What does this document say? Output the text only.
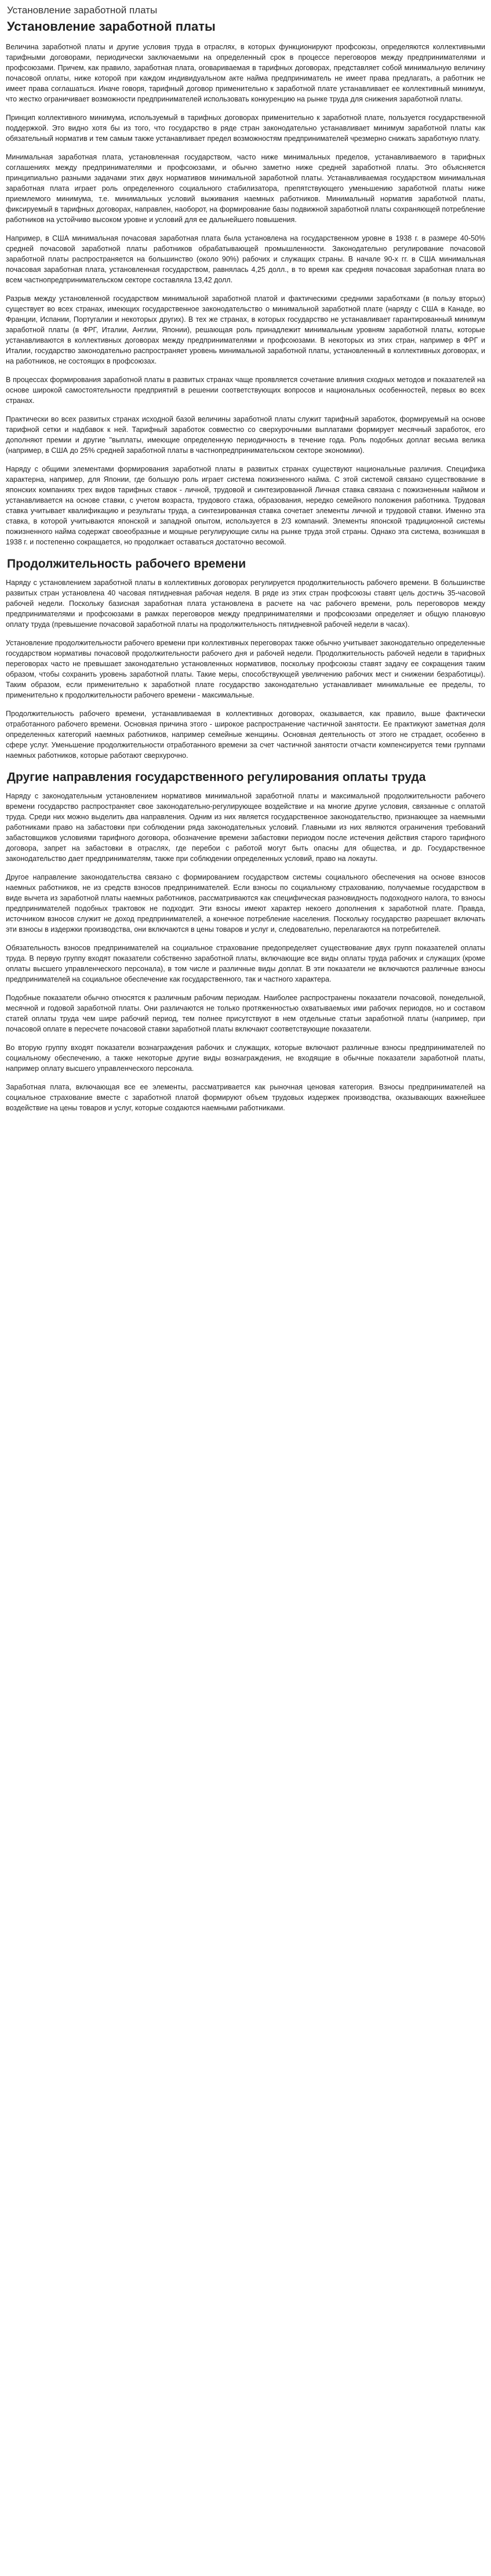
Установление заработной платы
Установление заработной платы

Величина заработной платы и другие условия труда в отраслях, в которых функционируют профсоюзы, определяются коллективными тарифными договорами, периодически заключаемыми на определенный срок в процессе переговоров между предпринимателями и профсоюзами. Причем, как правило, заработная плата, оговариваемая в тарифных договорах, представляет собой минимальную величину почасовой оплаты, ниже которой при каждом индивидуальном акте найма предприниматель не имеет права предлагать, а работник не имеет права соглашаться. Иначе говоря, тарифный договор применительно к заработной плате устанавливает ее коллективный минимум, что жестко ограничивает возможности предпринимателей использовать конкуренцию на рынке труда для снижения заработной платы.

Принцип коллективного минимума, используемый в тарифных договорах применительно к заработной плате, пользуется государственной поддержкой. Это видно хотя бы из того, что государство в ряде стран законодательно устанавливает минимум заработной платы как обязательный норматив и тем самым также устанавливает предел возможностям предпринимателей чрезмерно снижать заработную плату.

Минимальная заработная плата, установленная государством, часто ниже минимальных пределов, устанавливаемого в тарифных соглашениях между предпринимателями и профсоюзами, и обычно заметно ниже средней заработной платы. Это объясняется принципиально разными задачами этих двух нормативов минимальной заработной платы. Устанавливаемая государством минимальная заработная плата играет роль определенного социального стабилизатора, препятствующего уменьшению заработной платы ниже приемлемого минимума, т.е. минимальных условий выживания наемных работников. Минимальный норматив заработной платы, фиксируемый в тарифных договорах, направлен, наоборот, на формирование базы подвижной заработной платы сохраняющей потребление работников на устойчиво высоком уровне и условий для ее дальнейшего повышения.

Например, в США минимальная почасовая заработная плата была установлена на государственном уровне в 1938 г. в размере 40-50% средней почасовой заработной платы работников обрабатывающей промышленности. Законодательно регулирование почасовой заработной платы распространяется на большинство (около 90%) рабочих и служащих страны. В начале 90-х гг. в США минимальная почасовая заработная плата, установленная государством, равнялась 4,25 долл., в то время как средняя почасовая заработная плата во всем частнопредпринимательском секторе составляла 13,42 долл.

Разрыв между установленной государством минимальной заработной платой и фактическими средними заработками (в пользу вторых) существует во всех странах, имеющих государственное законодательство о минимальной заработной плате (наряду с США в Канаде, во Франции, Испании, Португалии и некоторых других). В тех же странах, в которых государство не устанавливает гарантированный минимум заработной платы (в ФРГ, Италии, Англии, Японии), решающая роль принадлежит минимальным уровням заработной платы, которые устанавливаются в коллективных договорах между предпринимателями и профсоюзами. В некоторых из этих стран, например в ФРГ и Италии, государство законодательно распространяет уровень минимальной заработной платы, установленный в коллективных договорах, и на работников, не состоящих в профсоюзах.

В процессах формирования заработной платы в развитых странах чаще проявляется сочетание влияния сходных методов и показателей на основе широкой самостоятельности предприятий в решении соответствующих вопросов и национальных особенностей, первых во всех странах.

Практически во всех развитых странах исходной базой величины заработной платы служит тарифный заработок, формируемый на основе тарифной сетки и надбавок к ней. Тарифный заработок совместно со сверхурочными выплатами формирует месячный заработок, его дополняют премии и другие "выплаты, имеющие определенную периодичность в течение года. Роль подобных доплат весьма велика (например, в США до 25% средней заработной платы в частнопредпринимательском секторе экономики).

Наряду с общими элементами формирования заработной платы в развитых странах существуют национальные различия. Специфика характерна, например, для Японии, где большую роль играет система пожизненного найма. С этой системой связано существование в японских компаниях трех видов тарифных ставок - личной, трудовой и синтезированной Личная ставка связана с пожизненным наймом и устанавливается на основе ставки, с учетом возраста, трудового стажа, образования, нередко семейного положения работника. Трудовая ставка учитывает квалификацию и результаты труда, а синтезированная ставка сочетает элементы личной и трудовой ставки. Именно эта ставка, в которой учитываются японской и западной опытом, используется в 2/3 компаний. Элементы японской традиционной системы пожизненного найма содержат своеобразные и мощные регулирующие силы на рынке труда этой страны. Однако эта система, возникшая в 1938 г. и постепенно сокращается, но продолжает оставаться достаточно весомой.

Продолжительность рабочего времени

Наряду с установлением заработной платы в коллективных договорах регулируется продолжительность рабочего времени. В большинстве развитых стран установлена 40 часовая пятидневная рабочая неделя. В ряде из этих стран профсоюзы ставят цель достичь 35-часовой рабочей недели. Поскольку базисная заработная плата установлена в расчете на час рабочего времени, роль переговоров между предпринимателями и профсоюзами в рамках переговоров между предпринимателями и профсоюзами определяет и общую плановую оплату труда (превышение почасовой заработной платы на продолжительность пятидневной рабочей недели в часах).

Установление продолжительности рабочего времени при коллективных переговорах также обычно учитывает законодательно определенные государством нормативы почасовой продолжительности рабочего дня и рабочей недели. Продолжительность рабочей недели в тарифных переговорах часто не превышает законодательно установленных нормативов, поскольку профсоюзы ставят задачу ее сокращения таким образом, чтобы сохранить уровень заработной платы. Такие меры, способствующей увеличению рабочих мест и снижении безработицы). Таким образом, если применительно к заработной плате государство законодательно устанавливает минимальные ее пределы, то применительно к продолжительности рабочего времени - максимальные.

Продолжительность рабочего времени, устанавливаемая в коллективных договорах, оказывается, как правило, выше фактически отработанного рабочего времени. Основная причина этого - широкое распространение частичной занятости. Ее практикуют заметная доля определенных категорий наемных работников, например семейные женщины. Основная деятельность от этого не страдает, особенно в сфере услуг. Уменьшение продолжительности отработанного времени за счет частичной занятости отчасти компенсируется теми группами наемных работников, которые работают сверхурочно.

Другие направления государственного регулирования оплаты труда

Наряду с законодательным установлением нормативов минимальной заработной платы и максимальной продолжительности рабочего времени государство распространяет свое законодательно-регулирующее воздействие и на многие другие условия, связанные с оплатой труда. Среди них можно выделить два направления. Одним из них является государственное законодательство, признающее за наемными работниками право на забастовки при соблюдении ряда законодательных условий. Главными из них являются ограничения требований забастовщиков условиями тарифного договора, обозначение времени забастовки периодом после истечения действия старого тарифного договора, запрет на забастовки в отраслях, где перебои с работой могут быть опасны для общества, и др. Государственное законодательство дает предпринимателям, также при соблюдении определенных условий, право на локауты.

Другое направление законодательства связано с формированием государством системы социального обеспечения на основе взносов наемных работников, не из средств взносов предпринимателей. Если взносы по социальному страхованию, получаемые государством в виде вычета из заработной платы наемных работников, рассматриваются как специфическая разновидность подоходного налога, то взносы предпринимателей подобных трактовок не подходит. Эти взносы имеют характер некоего дополнения к заработной плате. Правда, источником взносов служит не доход предпринимателей, а конечное потребление населения. Поскольку государство разрешает включать эти взносы в издержки производства, они включаются в цены товаров и услуг и, следовательно, перелагаются на потребителей.

Обязательность взносов предпринимателей на социальное страхование предопределяет существование двух групп показателей оплаты труда. В первую группу входят показатели собственно заработной платы, включающие все виды оплаты труда рабочих и служащих (кроме оплаты высшего управленческого персонала), в том числе и различные виды доплат. В эти показатели не включаются различные взносы предпринимателей на социальное обеспечение как государственного, так и частного характера.

Подобные показатели обычно относятся к различным рабочим периодам. Наиболее распространены показатели почасовой, понедельной, месячной и годовой заработной платы. Они различаются не только протяженностью охватываемых ими рабочих периодов, но и составом статей оплаты труда чем шире рабочий период, тем полнее присутствуют в нем отдельные статьи заработной платы (например, при почасовой оплате в пересчете почасовой ставки заработной платы включают соответствующие показатели.

Во вторую группу входят показатели вознаграждения рабочих и служащих, которые включают различные взносы предпринимателей по социальному обеспечению, а также некоторые другие виды вознаграждения, не входящие в обычные показатели заработной платы, например оплату высшего управленческого персонала.

Заработная плата, включающая все ее элементы, рассматривается как рыночная ценовая категория. Взносы предпринимателей на социальное страхование вместе с заработной платой формируют объем трудовых издержек производства, оказывающих важнейшее воздействие на цены товаров и услуг, которые создаются наемными работниками.
